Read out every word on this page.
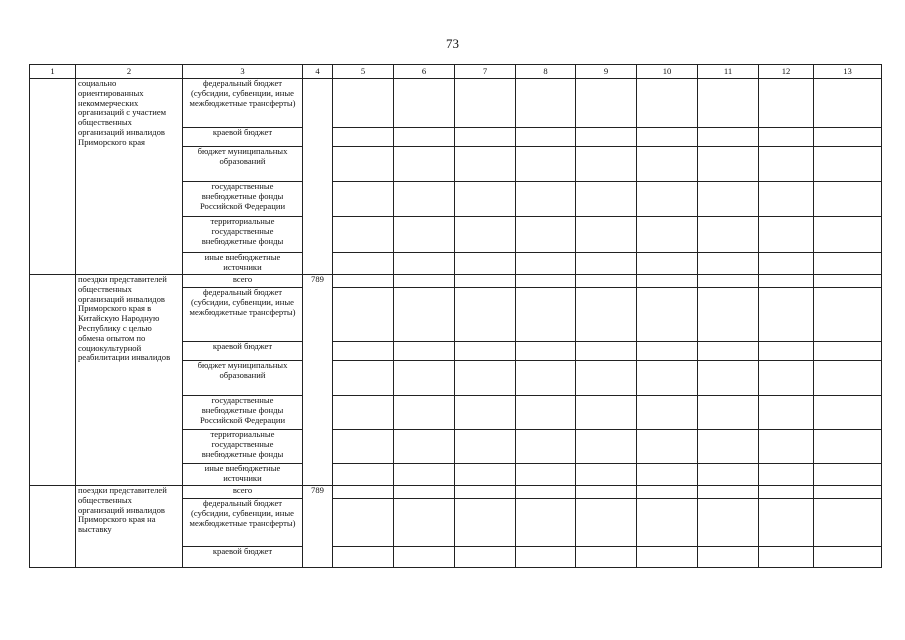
73
1	2	3	4	5	6	7	8	9	10	11	12	13
	социально ориентированных некоммерческих организаций с участием общественных организаций инвалидов Приморского края	федеральный бюджет (субсидии, субвенции, иные межбюджетные трансферты)										
		краевой бюджет										
		бюджет муниципальных образований										
		государственные внебюджетные фонды Российской Федерации										
		территориальные государственные внебюджетные фонды										
		иные внебюджетные источники										
	поездки представителей общественных организаций инвалидов Приморского края в Китайскую Народную Республику с целью обмена опытом по социокультурной реабилитации инвалидов	всего	789									
		федеральный бюджет (субсидии, субвенции, иные межбюджетные трансферты)										
		краевой бюджет										
		бюджет муниципальных образований										
		государственные внебюджетные фонды Российской Федерации										
		территориальные государственные внебюджетные фонды										
		иные внебюджетные источники										
	поездки представителей общественных организаций инвалидов Приморского края на выставку	всего	789									
		федеральный бюджет (субсидии, субвенции, иные межбюджетные трансферты)										
		краевой бюджет										
